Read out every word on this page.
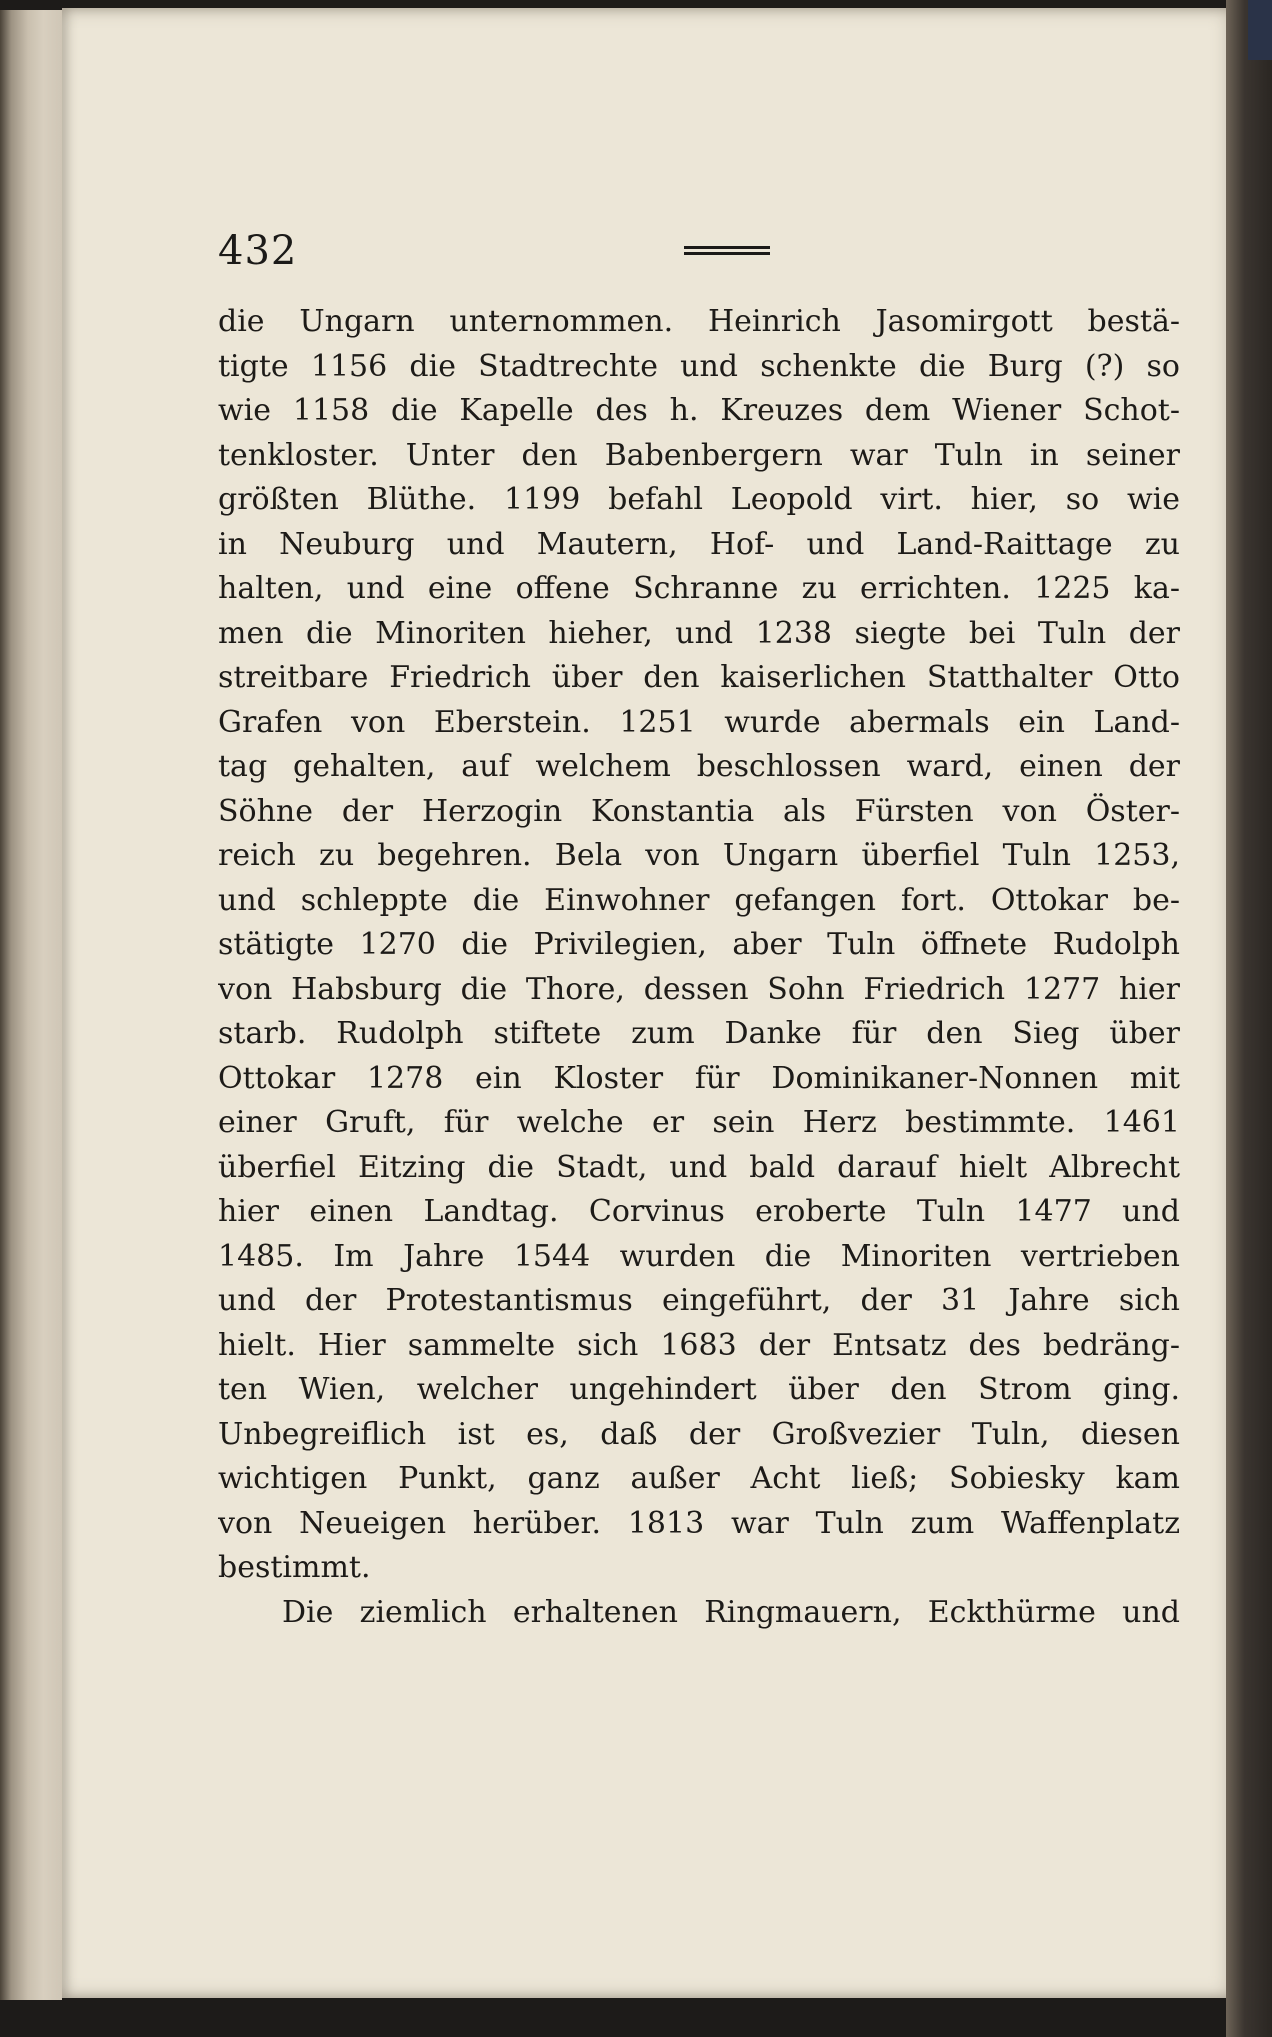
432
die Ungarn unternommen. Heinrich Jasomirgott bestä-
tigte 1156 die Stadtrechte und schenkte die Burg (?) so
wie 1158 die Kapelle des h. Kreuzes dem Wiener Schot-
tenkloster. Unter den Babenbergern war Tuln in seiner
größten Blüthe. 1199 befahl Leopold virt. hier, so wie
in Neuburg und Mautern, Hof- und Land-Raittage zu
halten, und eine offene Schranne zu errichten. 1225 ka-
men die Minoriten hieher, und 1238 siegte bei Tuln der
streitbare Friedrich über den kaiserlichen Statthalter Otto
Grafen von Eberstein. 1251 wurde abermals ein Land-
tag gehalten, auf welchem beschlossen ward, einen der
Söhne der Herzogin Konstantia als Fürsten von Öster-
reich zu begehren. Bela von Ungarn überfiel Tuln 1253,
und schleppte die Einwohner gefangen fort. Ottokar be-
stätigte 1270 die Privilegien, aber Tuln öffnete Rudolph
von Habsburg die Thore, dessen Sohn Friedrich 1277 hier
starb. Rudolph stiftete zum Danke für den Sieg über
Ottokar 1278 ein Kloster für Dominikaner-Nonnen mit
einer Gruft, für welche er sein Herz bestimmte. 1461
überfiel Eitzing die Stadt, und bald darauf hielt Albrecht
hier einen Landtag. Corvinus eroberte Tuln 1477 und
1485. Im Jahre 1544 wurden die Minoriten vertrieben
und der Protestantismus eingeführt, der 31 Jahre sich
hielt. Hier sammelte sich 1683 der Entsatz des bedräng-
ten Wien, welcher ungehindert über den Strom ging.
Unbegreiflich ist es, daß der Großvezier Tuln, diesen
wichtigen Punkt, ganz außer Acht ließ; Sobiesky kam
von Neueigen herüber. 1813 war Tuln zum Waffenplatz
bestimmt.
Die ziemlich erhaltenen Ringmauern, Eckthürme und
